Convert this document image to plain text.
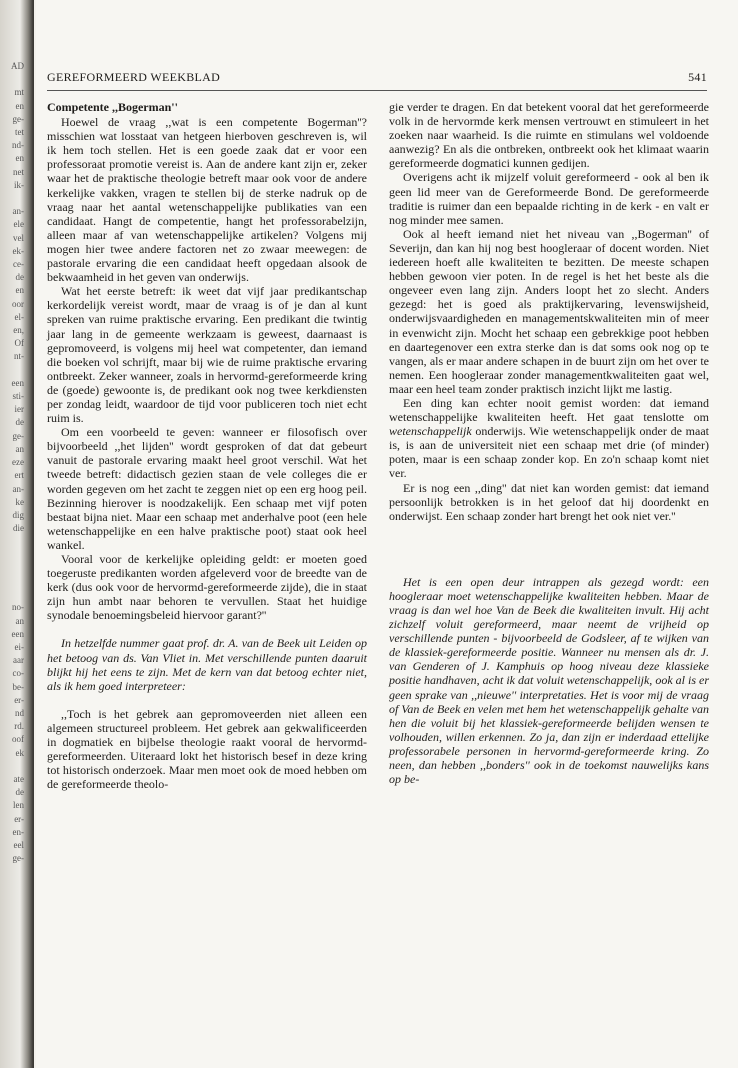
AD

mt
en
ge-
tet
nd-
en
net
ik-

an-
ele
vel
ek-
ce-
de
en
oor
el-
en,
Of
nt-

een
sti-
ier
de
ge-
an
eze
ert
an-
ke
dig
die

no-
an
een
ei-
aar
co-
be-
er-
nd
rd.
oof
ek

ate
de
len
er-
en-
eel
ge-
GEREFORMEERD WEEKBLAD	541

Competente ,,Bogerman''

Hoewel de vraag ,,wat is een competente Bogerman''? misschien wat losstaat van hetgeen hierboven geschreven is, wil ik hem toch stellen. Het is een goede zaak dat er voor een professoraat promotie vereist is. Aan de andere kant zijn er, zeker waar het de praktische theologie betreft maar ook voor de andere kerkelijke vakken, vragen te stellen bij de sterke nadruk op de vraag naar het aantal wetenschappelijke publikaties van een candidaat. Hangt de competentie, hangt het professorabelzijn, alleen maar af van wetenschappelijke artikelen? Volgens mij mogen hier twee andere factoren net zo zwaar meewegen: de pastorale ervaring die een candidaat heeft opgedaan alsook de bekwaamheid in het geven van onderwijs.

Wat het eerste betreft: ik weet dat vijf jaar predikantschap kerkordelijk vereist wordt, maar de vraag is of je dan al kunt spreken van ruime praktische ervaring. Een predikant die twintig jaar lang in de gemeente werkzaam is geweest, daarnaast is gepromoveerd, is volgens mij heel wat competenter, dan iemand die boeken vol schrijft, maar bij wie de ruime praktische ervaring ontbreekt. Zeker wanneer, zoals in hervormd-gereformeerde kring de (goede) gewoonte is, de predikant ook nog twee kerkdiensten per zondag leidt, waardoor de tijd voor publiceren toch niet echt ruim is.

Om een voorbeeld te geven: wanneer er filosofisch over bijvoorbeeld ,,het lijden'' wordt gesproken of dat dat gebeurt vanuit de pastorale ervaring maakt heel groot verschil. Wat het tweede betreft: didactisch gezien staan de vele colleges die er worden gegeven om het zacht te zeggen niet op een erg hoog peil. Bezinning hierover is noodzakelijk. Een schaap met vijf poten bestaat bijna niet. Maar een schaap met anderhalve poot (een hele wetenschappelijke en een halve praktische poot) staat ook heel wankel.

Vooral voor de kerkelijke opleiding geldt: er moeten goed toegeruste predikanten worden afgeleverd voor de breedte van de kerk (dus ook voor de hervormd-gereformeerde zijde), die in staat zijn hun ambt naar behoren te vervullen. Staat het huidige synodale benoemingsbeleid hiervoor garant?''

In hetzelfde nummer gaat prof. dr. A. van de Beek uit Leiden op het betoog van ds. Van Vliet in. Met verschillende punten daaruit blijkt hij het eens te zijn. Met de kern van dat betoog echter niet, als ik hem goed interpreteer:

,,Toch is het gebrek aan gepromoveerden niet alleen een algemeen structureel probleem. Het gebrek aan gekwalificeerden in dogmatiek en bijbelse theologie raakt vooral de hervormd-gereformeerden. Uiteraard lokt het historisch besef in deze kring tot historisch onderzoek. Maar men moet ook de moed hebben om de gereformeerde theolo-

gie verder te dragen. En dat betekent vooral dat het gereformeerde volk in de hervormde kerk mensen vertrouwt en stimuleert in het zoeken naar waarheid. Is die ruimte en stimulans wel voldoende aanwezig? En als die ontbreken, ontbreekt ook het klimaat waarin gereformeerde dogmatici kunnen gedijen.

Overigens acht ik mijzelf voluit gereformeerd - ook al ben ik geen lid meer van de Gereformeerde Bond. De gereformeerde traditie is ruimer dan een bepaalde richting in de kerk - en valt er nog minder mee samen.

Ook al heeft iemand niet het niveau van ,,Bogerman'' of Severijn, dan kan hij nog best hoogleraar of docent worden. Niet iedereen hoeft alle kwaliteiten te bezitten. De meeste schapen hebben gewoon vier poten. In de regel is het het beste als die ongeveer even lang zijn. Anders loopt het zo slecht. Anders gezegd: het is goed als praktijkervaring, levenswijsheid, onderwijsvaardigheden en managementskwaliteiten min of meer in evenwicht zijn. Mocht het schaap een gebrekkige poot hebben en daartegenover een extra sterke dan is dat soms ook nog op te vangen, als er maar andere schapen in de buurt zijn om het over te nemen. Een hoogleraar zonder managementkwaliteiten gaat wel, maar een heel team zonder praktisch inzicht lijkt me lastig.

Een ding kan echter nooit gemist worden: dat iemand wetenschappelijke kwaliteiten heeft. Het gaat tenslotte om wetenschappelijk onderwijs. Wie wetenschappelijk onder de maat is, is aan de universiteit niet een schaap met drie (of minder) poten, maar is een schaap zonder kop. En zo'n schaap komt niet ver.

Er is nog een ,,ding'' dat niet kan worden gemist: dat iemand persoonlijk betrokken is in het geloof dat hij doordenkt en onderwijst. Een schaap zonder hart brengt het ook niet ver.''

Het is een open deur intrappen als gezegd wordt: een hoogleraar moet wetenschappelijke kwaliteiten hebben. Maar de vraag is dan wel hoe Van de Beek die kwaliteiten invult. Hij acht zichzelf voluit gereformeerd, maar neemt de vrijheid op verschillende punten - bijvoorbeeld de Godsleer, af te wijken van de klassiek-gereformeerde positie. Wanneer nu mensen als dr. J. van Genderen of J. Kamphuis op hoog niveau deze klassieke positie handhaven, acht ik dat voluit wetenschappelijk, ook al is er geen sprake van ,,nieuwe'' interpretaties. Het is voor mij de vraag of Van de Beek en velen met hem het wetenschappelijk gehalte van hen die voluit bij het klassiek-gereformeerde belijden wensen te volhouden, willen erkennen. Zo ja, dan zijn er inderdaad ettelijke professorabele personen in hervormd-gereformeerde kring. Zo neen, dan hebben ,,bonders'' ook in de toekomst nauwelijks kans op be-
